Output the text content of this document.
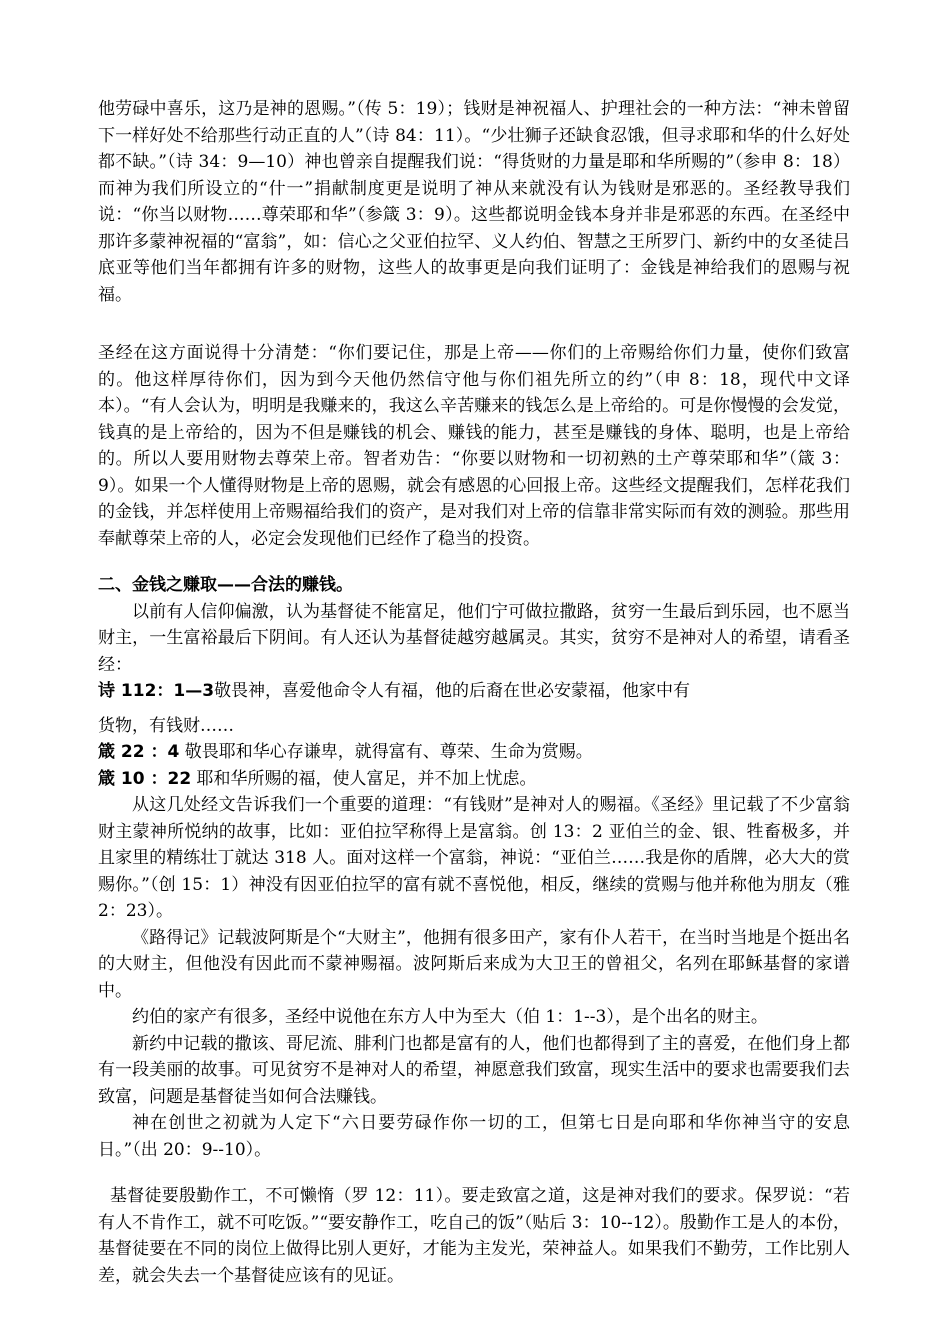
他劳碌中喜乐，这乃是神的恩赐。”（传 5：19）；钱财是神祝福人、护理社会的一种方法：“神未曾留下一样好处不给那些行动正直的人”（诗 84：11）。“少壮狮子还缺食忍饿，但寻求耶和华的什么好处都不缺。”（诗 34：9—10）神也曾亲自提醒我们说：“得货财的力量是耶和华所赐的”（参申 8：18）而神为我们所设立的“什一”捐献制度更是说明了神从来就没有认为钱财是邪恶的。圣经教导我们说：“你当以财物……尊荣耶和华”（参箴 3：9）。这些都说明金钱本身并非是邪恶的东西。在圣经中那许多蒙神祝福的“富翁”，如：信心之父亚伯拉罕、义人约伯、智慧之王所罗门、新约中的女圣徒吕底亚等他们当年都拥有许多的财物，这些人的故事更是向我们证明了：金钱是神给我们的恩赐与祝福。

圣经在这方面说得十分清楚：“你们要记住，那是上帝——你们的上帝赐给你们力量，使你们致富的。他这样厚待你们，因为到今天他仍然信守他与你们祖先所立的约”（申 8：18，现代中文译本）。“有人会认为，明明是我赚来的，我这么辛苦赚来的钱怎么是上帝给的。可是你慢慢的会发觉，钱真的是上帝给的，因为不但是赚钱的机会、赚钱的能力，甚至是赚钱的身体、聪明，也是上帝给的。所以人要用财物去尊荣上帝。智者劝告：“你要以财物和一切初熟的土产尊荣耶和华”（箴 3：9）。如果一个人懂得财物是上帝的恩赐，就会有感恩的心回报上帝。这些经文提醒我们，怎样花我们的金钱，并怎样使用上帝赐福给我们的资产，是对我们对上帝的信靠非常实际而有效的测验。那些用奉献尊荣上帝的人，必定会发现他们已经作了稳当的投资。

二、金钱之赚取——合法的赚钱。

以前有人信仰偏激，认为基督徒不能富足，他们宁可做拉撒路，贫穷一生最后到乐园，也不愿当财主，一生富裕最后下阴间。有人还认为基督徒越穷越属灵。其实，贫穷不是神对人的希望，请看圣经：

诗 112：1—3敬畏神，喜爱他命令人有福，他的后裔在世必安蒙福，他家中有

货物，有钱财……

箴 22 ：4 敬畏耶和华心存谦卑，就得富有、尊荣、生命为赏赐。

箴 10 ：22 耶和华所赐的福，使人富足，并不加上忧虑。

从这几处经文告诉我们一个重要的道理：“有钱财”是神对人的赐福。《圣经》里记载了不少富翁财主蒙神所悦纳的故事，比如：亚伯拉罕称得上是富翁。创 13：2 亚伯兰的金、银、牲畜极多，并且家里的精练壮丁就达 318 人。面对这样一个富翁，神说：“亚伯兰……我是你的盾牌，必大大的赏赐你。”（创 15：1）神没有因亚伯拉罕的富有就不喜悦他，相反，继续的赏赐与他并称他为朋友（雅 2：23）。

《路得记》记载波阿斯是个“大财主”，他拥有很多田产，家有仆人若干，在当时当地是个挺出名的大财主，但他没有因此而不蒙神赐福。波阿斯后来成为大卫王的曾祖父，名列在耶稣基督的家谱中。

约伯的家产有很多，圣经中说他在东方人中为至大（伯 1：1--3），是个出名的财主。

新约中记载的撒该、哥尼流、腓利门也都是富有的人，他们也都得到了主的喜爱，在他们身上都有一段美丽的故事。可见贫穷不是神对人的希望，神愿意我们致富，现实生活中的要求也需要我们去致富，问题是基督徒当如何合法赚钱。

神在创世之初就为人定下“六日要劳碌作你一切的工，但第七日是向耶和华你神当守的安息日。”（出 20：9--10）。

基督徒要殷勤作工，不可懒惰（罗 12：11）。要走致富之道，这是神对我们的要求。保罗说：“若有人不肯作工，就不可吃饭。”“要安静作工，吃自己的饭”（贴后 3：10--12）。殷勤作工是人的本份，基督徒要在不同的岗位上做得比别人更好，才能为主发光，荣神益人。如果我们不勤劳，工作比别人差，就会失去一个基督徒应该有的见证。
